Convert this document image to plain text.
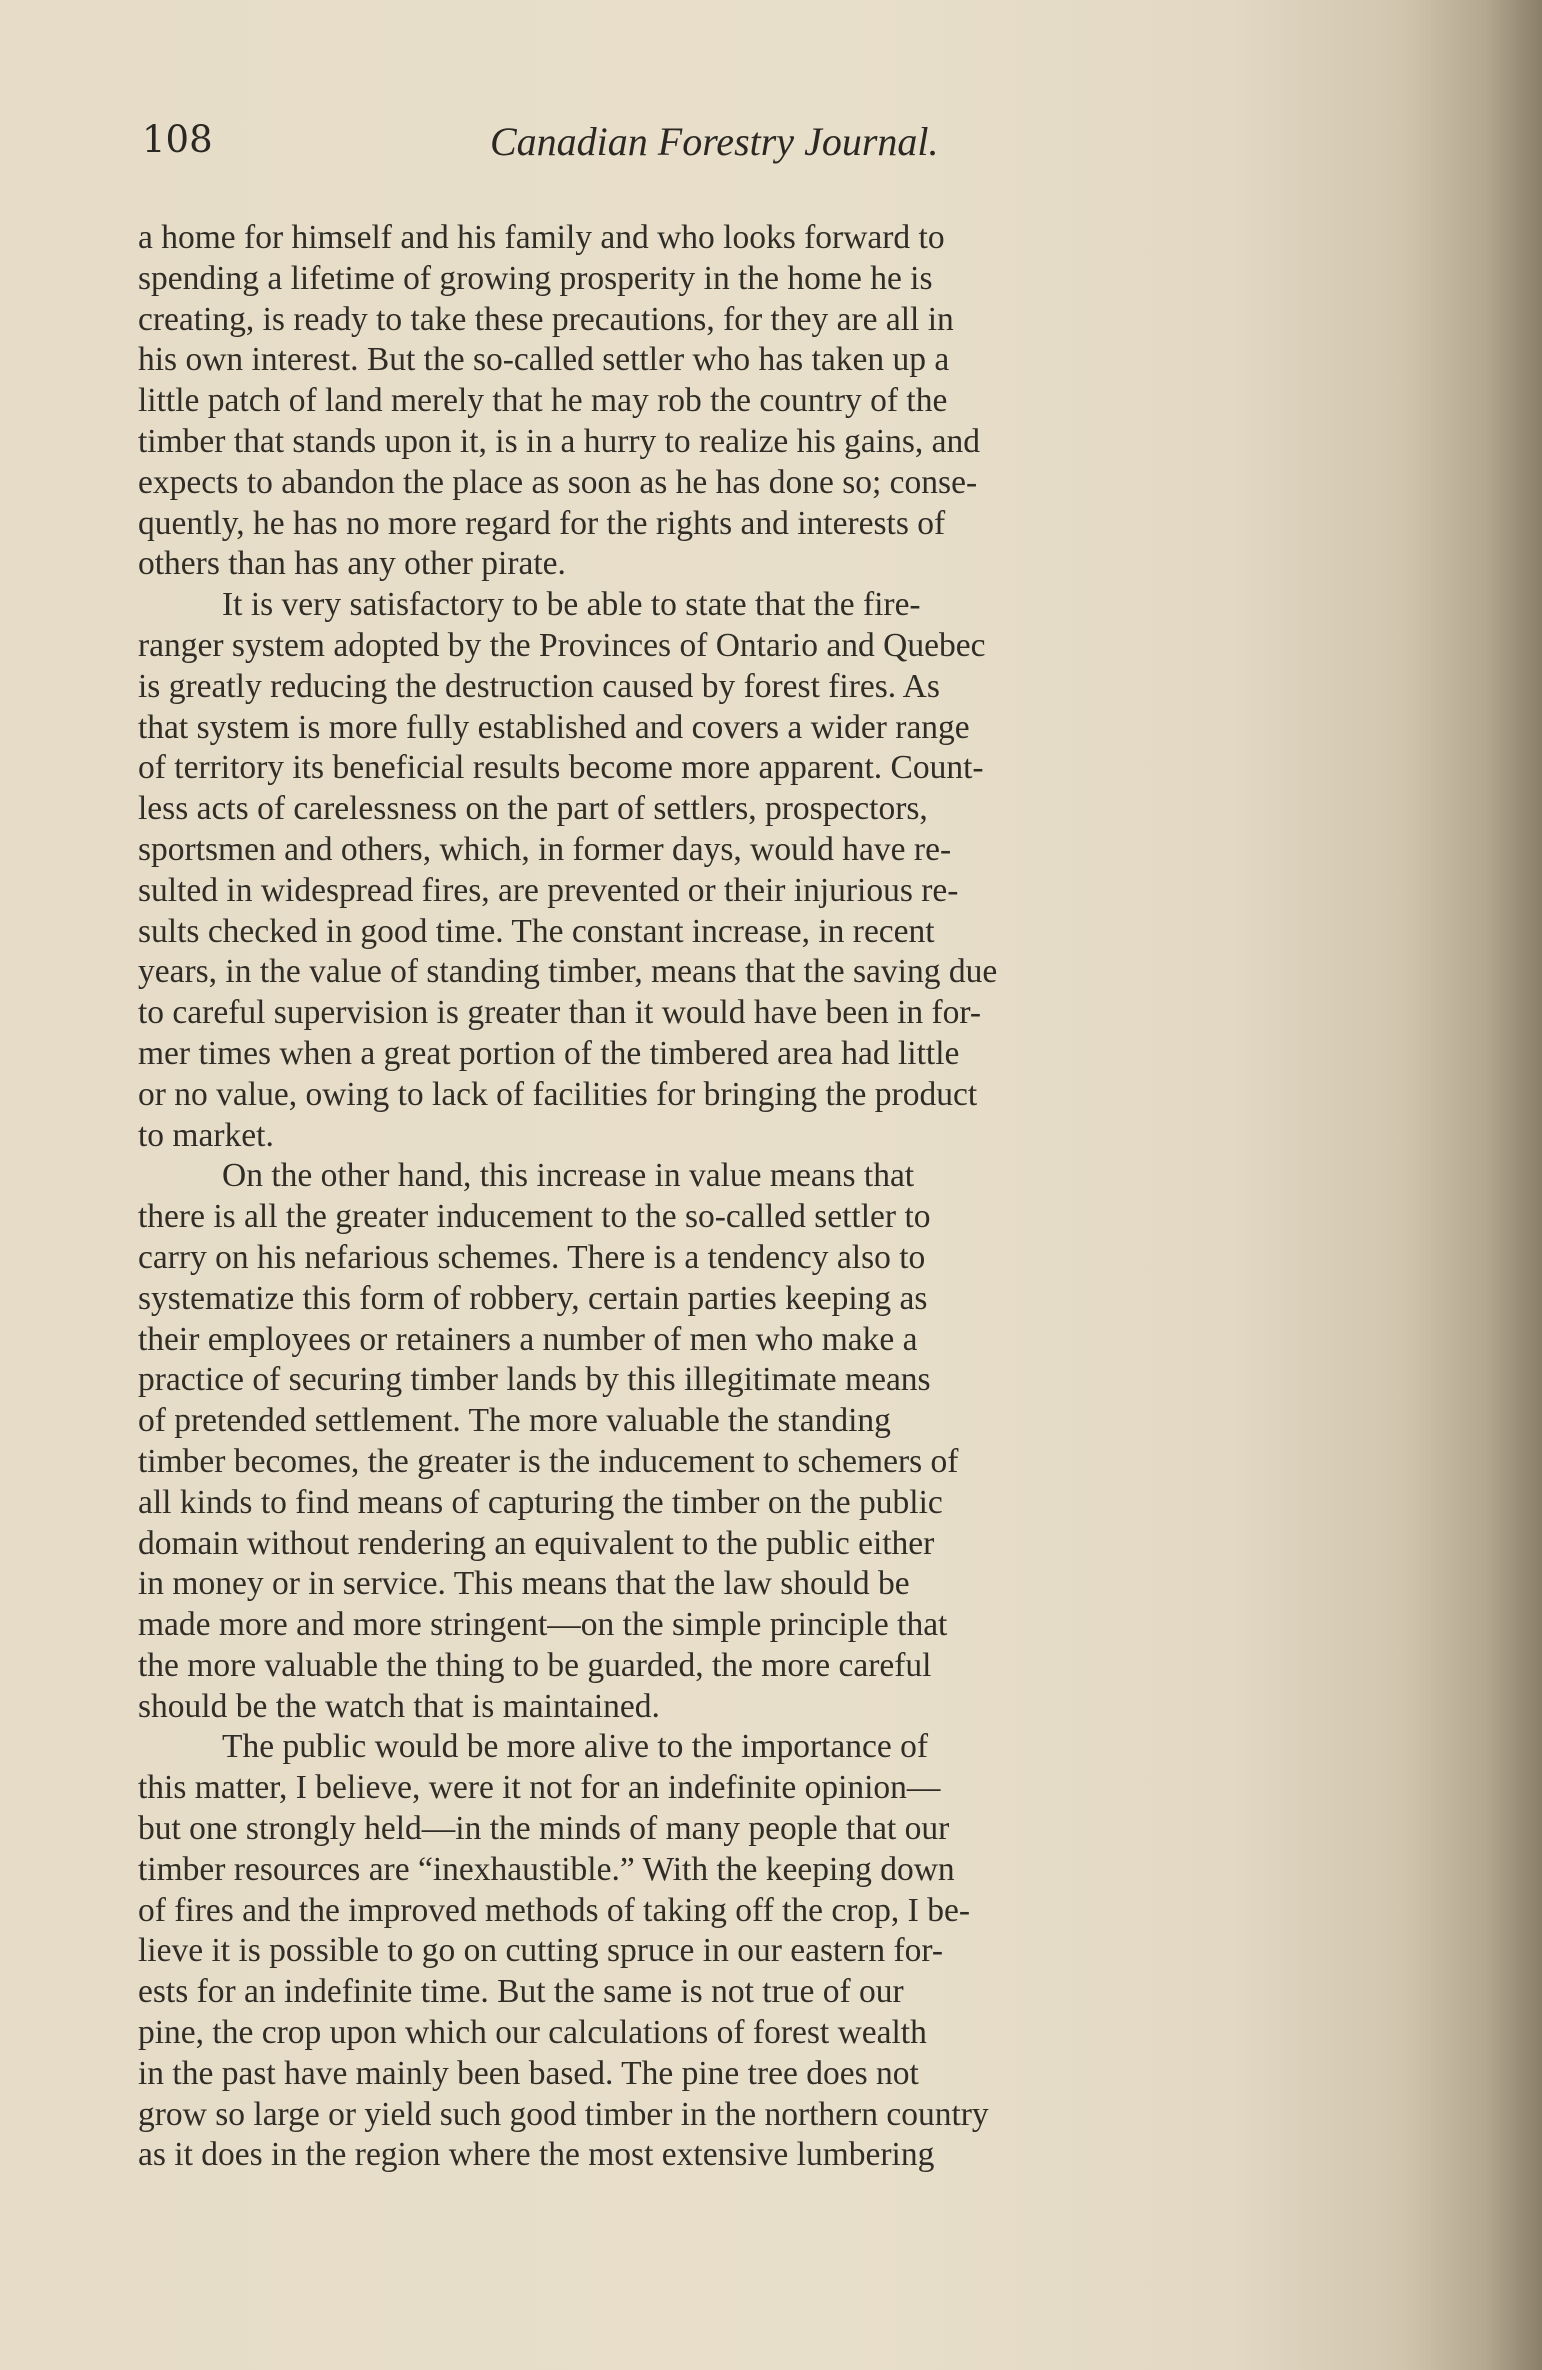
108	Canadian Forestry Journal.
a home for himself and his family and who looks forward to
spending a lifetime of growing prosperity in the home he is
creating, is ready to take these precautions, for they are all in
his own interest. But the so-called settler who has taken up a
little patch of land merely that he may rob the country of the
timber that stands upon it, is in a hurry to realize his gains, and
expects to abandon the place as soon as he has done so; conse-
quently, he has no more regard for the rights and interests of
others than has any other pirate.
It is very satisfactory to be able to state that the fire-
ranger system adopted by the Provinces of Ontario and Quebec
is greatly reducing the destruction caused by forest fires. As
that system is more fully established and covers a wider range
of territory its beneficial results become more apparent. Count-
less acts of carelessness on the part of settlers, prospectors,
sportsmen and others, which, in former days, would have re-
sulted in widespread fires, are prevented or their injurious re-
sults checked in good time. The constant increase, in recent
years, in the value of standing timber, means that the saving due
to careful supervision is greater than it would have been in for-
mer times when a great portion of the timbered area had little
or no value, owing to lack of facilities for bringing the product
to market.
On the other hand, this increase in value means that
there is all the greater inducement to the so-called settler to
carry on his nefarious schemes. There is a tendency also to
systematize this form of robbery, certain parties keeping as
their employees or retainers a number of men who make a
practice of securing timber lands by this illegitimate means
of pretended settlement. The more valuable the standing
timber becomes, the greater is the inducement to schemers of
all kinds to find means of capturing the timber on the public
domain without rendering an equivalent to the public either
in money or in service. This means that the law should be
made more and more stringent—on the simple principle that
the more valuable the thing to be guarded, the more careful
should be the watch that is maintained.
The public would be more alive to the importance of
this matter, I believe, were it not for an indefinite opinion—
but one strongly held—in the minds of many people that our
timber resources are “inexhaustible.” With the keeping down
of fires and the improved methods of taking off the crop, I be-
lieve it is possible to go on cutting spruce in our eastern for-
ests for an indefinite time. But the same is not true of our
pine, the crop upon which our calculations of forest wealth
in the past have mainly been based. The pine tree does not
grow so large or yield such good timber in the northern country
as it does in the region where the most extensive lumbering
